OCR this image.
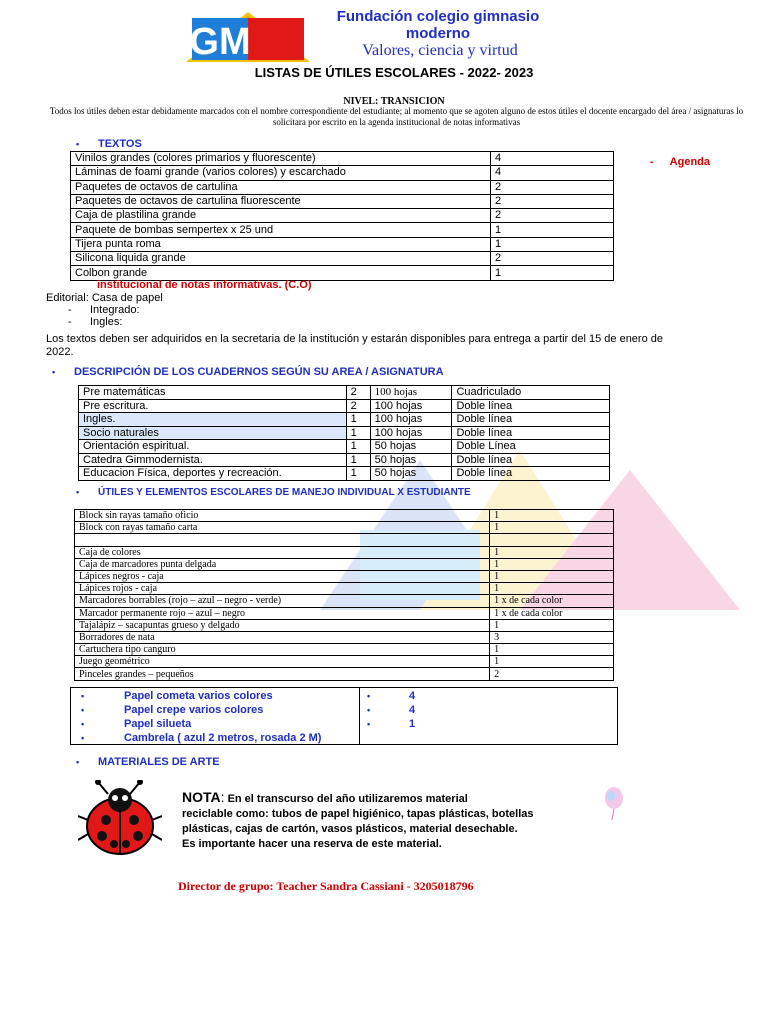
GM
Fundación colegio gimnasio moderno
Valores, ciencia y virtud
LISTAS DE ÚTILES ESCOLARES - 2022- 2023
NIVEL: TRANSICION
Todos los útiles deben estar debidamente marcados con el nombre correspondiente del estudiante; al momento que se agoten alguno de estos útiles el docente encargado del área / asignaturas lo solicitara por escrito en la agenda institucional de notas informativas
• TEXTOS
Vinilos grandes (colores primarios y fluorescente)	4
Láminas de foami grande (varios colores) y escarchado	4
Paquetes de octavos de cartulina	2
Paquetes de octavos de cartulina fluorescente	2
Caja de plastilina grande	2
Paquete de bombas sempertex x 25 und	1
Tijera punta roma	1
Silicona liquida grande	2
Colbon grande	1
- Agenda
institucional de notas informativas. (C.O)
Editorial: Casa de papel
- Integrado:
- Ingles:
Los textos deben ser adquiridos en la secretaria de la institución y estarán disponibles para entrega a partir del 15 de enero de 2022.
• DESCRIPCIÓN DE LOS CUADERNOS SEGÚN SU AREA / ASIGNATURA
Pre matemáticas	2	100 hojas	Cuadriculado
Pre escritura.	2	100 hojas	Doble línea
Ingles.	1	100 hojas	Doble línea
Socio naturales	1	100 hojas	Doble línea
Orientación espiritual.	1	50 hojas	Doble Línea
Catedra Gimmodernista.	1	50 hojas	Doble línea
Educacion Física, deportes y recreación.	1	50 hojas	Doble línea
• ÚTILES Y ELEMENTOS ESCOLARES DE MANEJO INDIVIDUAL X ESTUDIANTE
Block sin rayas tamaño oficio	1
Block con rayas tamaño carta	1

Caja de colores	1
Caja de marcadores punta delgada	1
Lápices negros - caja	1
Lápices rojos - caja	1
Marcadores borrables (rojo – azul – negro - verde)	1 x de cada color
Marcador permanente rojo – azul – negro	1 x de cada color
Tajalápiz – sacapuntas grueso y delgado	1
Borradores de nata	3
Cartuchera tipo canguro	1
Juego geométrico	1
Pinceles grandes – pequeños	2
•	Papel cometa varios colores	•	4
•	Papel crepe varios colores	•	4
•	Papel silueta	•	1
•	Cambrela ( azul 2 metros, rosada 2 M)
• MATERIALES DE ARTE
NOTA: En el transcurso del año utilizaremos material
reciclable como: tubos de papel higiénico, tapas plásticas, botellas
plásticas, cajas de cartón, vasos plásticos, material desechable.
Es importante hacer una reserva de este material.
Director de grupo: Teacher Sandra Cassiani - 3205018796
